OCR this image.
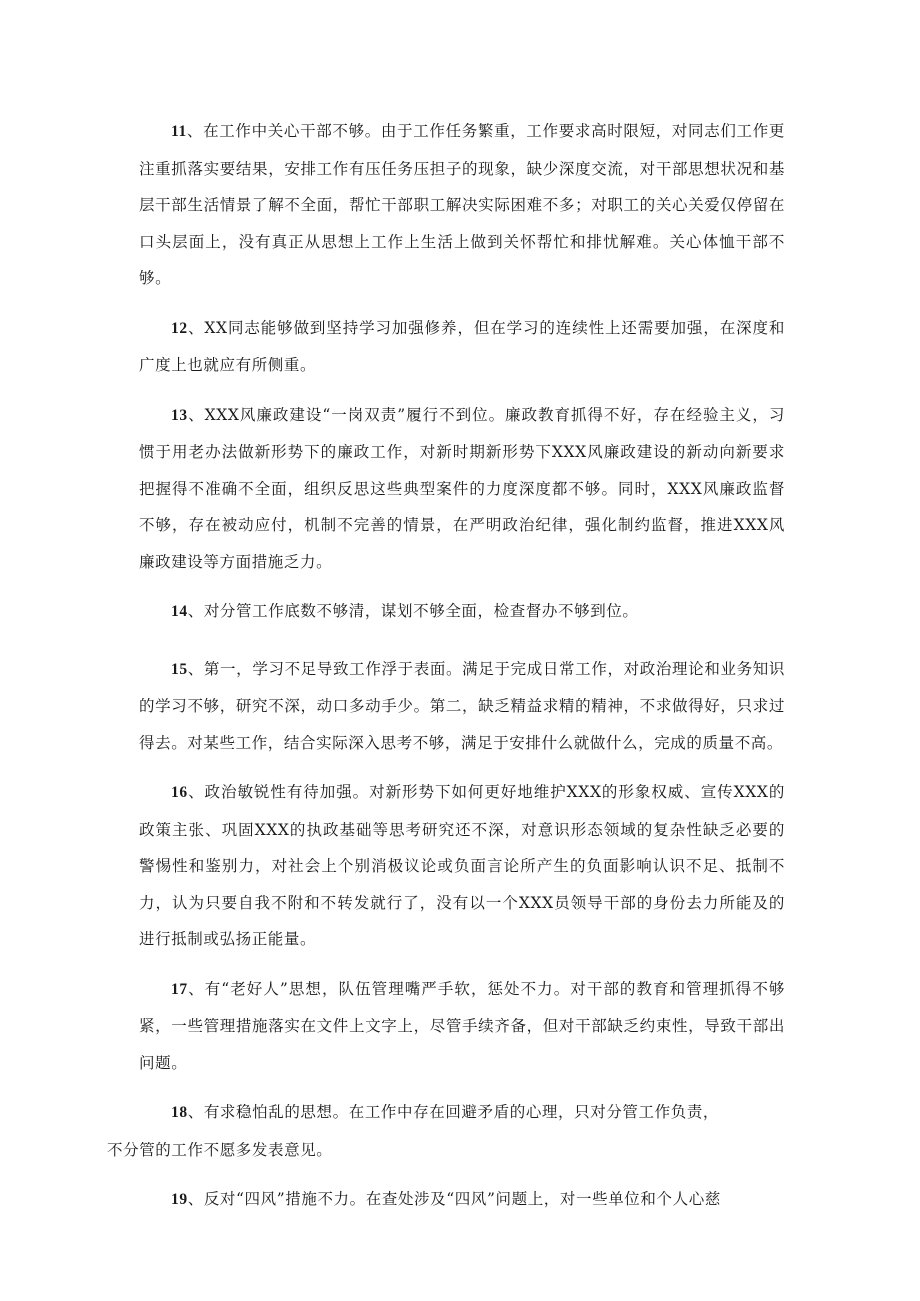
11、在工作中关心干部不够。由于工作任务繁重，工作要求高时限短，对同志们工作更注重抓落实要结果，安排工作有压任务压担子的现象，缺少深度交流，对干部思想状况和基层干部生活情景了解不全面，帮忙干部职工解决实际困难不多；对职工的关心关爱仅停留在口头层面上，没有真正从思想上工作上生活上做到关怀帮忙和排忧解难。关心体恤干部不够。

12、XX同志能够做到坚持学习加强修养，但在学习的连续性上还需要加强，在深度和广度上也就应有所侧重。

13、XXX风廉政建设“一岗双责”履行不到位。廉政教育抓得不好，存在经验主义，习惯于用老办法做新形势下的廉政工作，对新时期新形势下XXX风廉政建设的新动向新要求把握得不准确不全面，组织反思这些典型案件的力度深度都不够。同时，XXX风廉政监督不够，存在被动应付，机制不完善的情景，在严明政治纪律，强化制约监督，推进XXX风廉政建设等方面措施乏力。

14、对分管工作底数不够清，谋划不够全面，检查督办不够到位。

15、第一，学习不足导致工作浮于表面。满足于完成日常工作，对政治理论和业务知识的学习不够，研究不深，动口多动手少。第二，缺乏精益求精的精神，不求做得好，只求过得去。对某些工作，结合实际深入思考不够，满足于安排什么就做什么，完成的质量不高。

16、政治敏锐性有待加强。对新形势下如何更好地维护XXX的形象权威、宣传XXX的政策主张、巩固XXX的执政基础等思考研究还不深，对意识形态领域的复杂性缺乏必要的警惕性和鉴别力，对社会上个别消极议论或负面言论所产生的负面影响认识不足、抵制不力，认为只要自我不附和不转发就行了，没有以一个XXX员领导干部的身份去力所能及的进行抵制或弘扬正能量。

17、有“老好人”思想，队伍管理嘴严手软，惩处不力。对干部的教育和管理抓得不够紧，一些管理措施落实在文件上文字上，尽管手续齐备，但对干部缺乏约束性，导致干部出问题。

18、有求稳怕乱的思想。在工作中存在回避矛盾的心理，只对分管工作负责，
不分管的工作不愿多发表意见。

19、反对“四风”措施不力。在查处涉及“四风”问题上，对一些单位和个人心慈
